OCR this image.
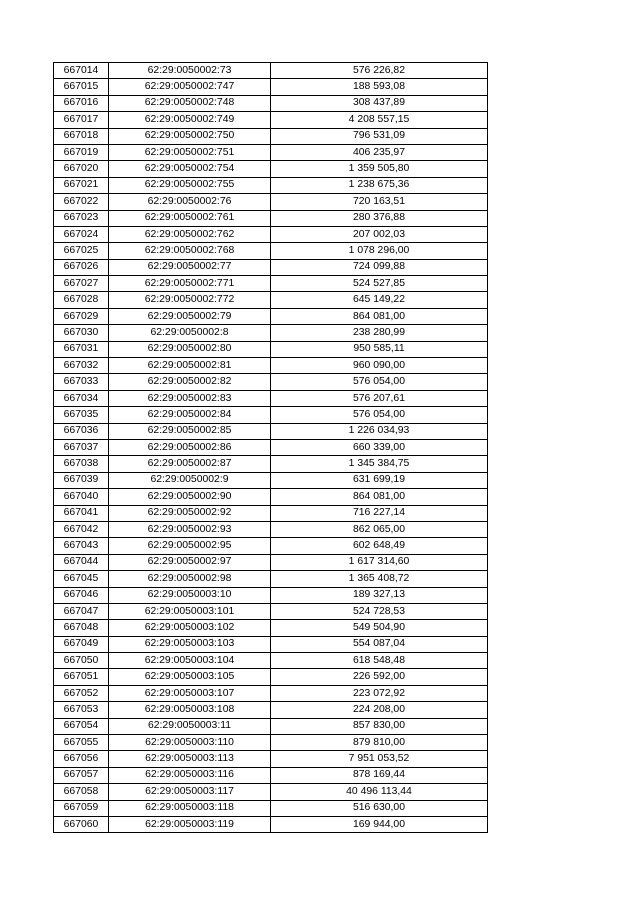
667014	62:29:0050002:73	576 226,82
667015	62:29:0050002:747	188 593,08
667016	62:29:0050002:748	308 437,89
667017	62:29:0050002:749	4 208 557,15
667018	62:29:0050002:750	796 531,09
667019	62:29:0050002:751	406 235,97
667020	62:29:0050002:754	1 359 505,80
667021	62:29:0050002:755	1 238 675,36
667022	62:29:0050002:76	720 163,51
667023	62:29:0050002:761	280 376,88
667024	62:29:0050002:762	207 002,03
667025	62:29:0050002:768	1 078 296,00
667026	62:29:0050002:77	724 099,88
667027	62:29:0050002:771	524 527,85
667028	62:29:0050002:772	645 149,22
667029	62:29:0050002:79	864 081,00
667030	62:29:0050002:8	238 280,99
667031	62:29:0050002:80	950 585,11
667032	62:29:0050002:81	960 090,00
667033	62:29:0050002:82	576 054,00
667034	62:29:0050002:83	576 207,61
667035	62:29:0050002:84	576 054,00
667036	62:29:0050002:85	1 226 034,93
667037	62:29:0050002:86	660 339,00
667038	62:29:0050002:87	1 345 384,75
667039	62:29:0050002:9	631 699,19
667040	62:29:0050002:90	864 081,00
667041	62:29:0050002:92	716 227,14
667042	62:29:0050002:93	862 065,00
667043	62:29:0050002:95	602 648,49
667044	62:29:0050002:97	1 617 314,60
667045	62:29:0050002:98	1 365 408,72
667046	62:29:0050003:10	189 327,13
667047	62:29:0050003:101	524 728,53
667048	62:29:0050003:102	549 504,90
667049	62:29:0050003:103	554 087,04
667050	62:29:0050003:104	618 548,48
667051	62:29:0050003:105	226 592,00
667052	62:29:0050003:107	223 072,92
667053	62:29:0050003:108	224 208,00
667054	62:29:0050003:11	857 830,00
667055	62:29:0050003:110	879 810,00
667056	62:29:0050003:113	7 951 053,52
667057	62:29:0050003:116	878 169,44
667058	62:29:0050003:117	40 496 113,44
667059	62:29:0050003:118	516 630,00
667060	62:29:0050003:119	169 944,00
